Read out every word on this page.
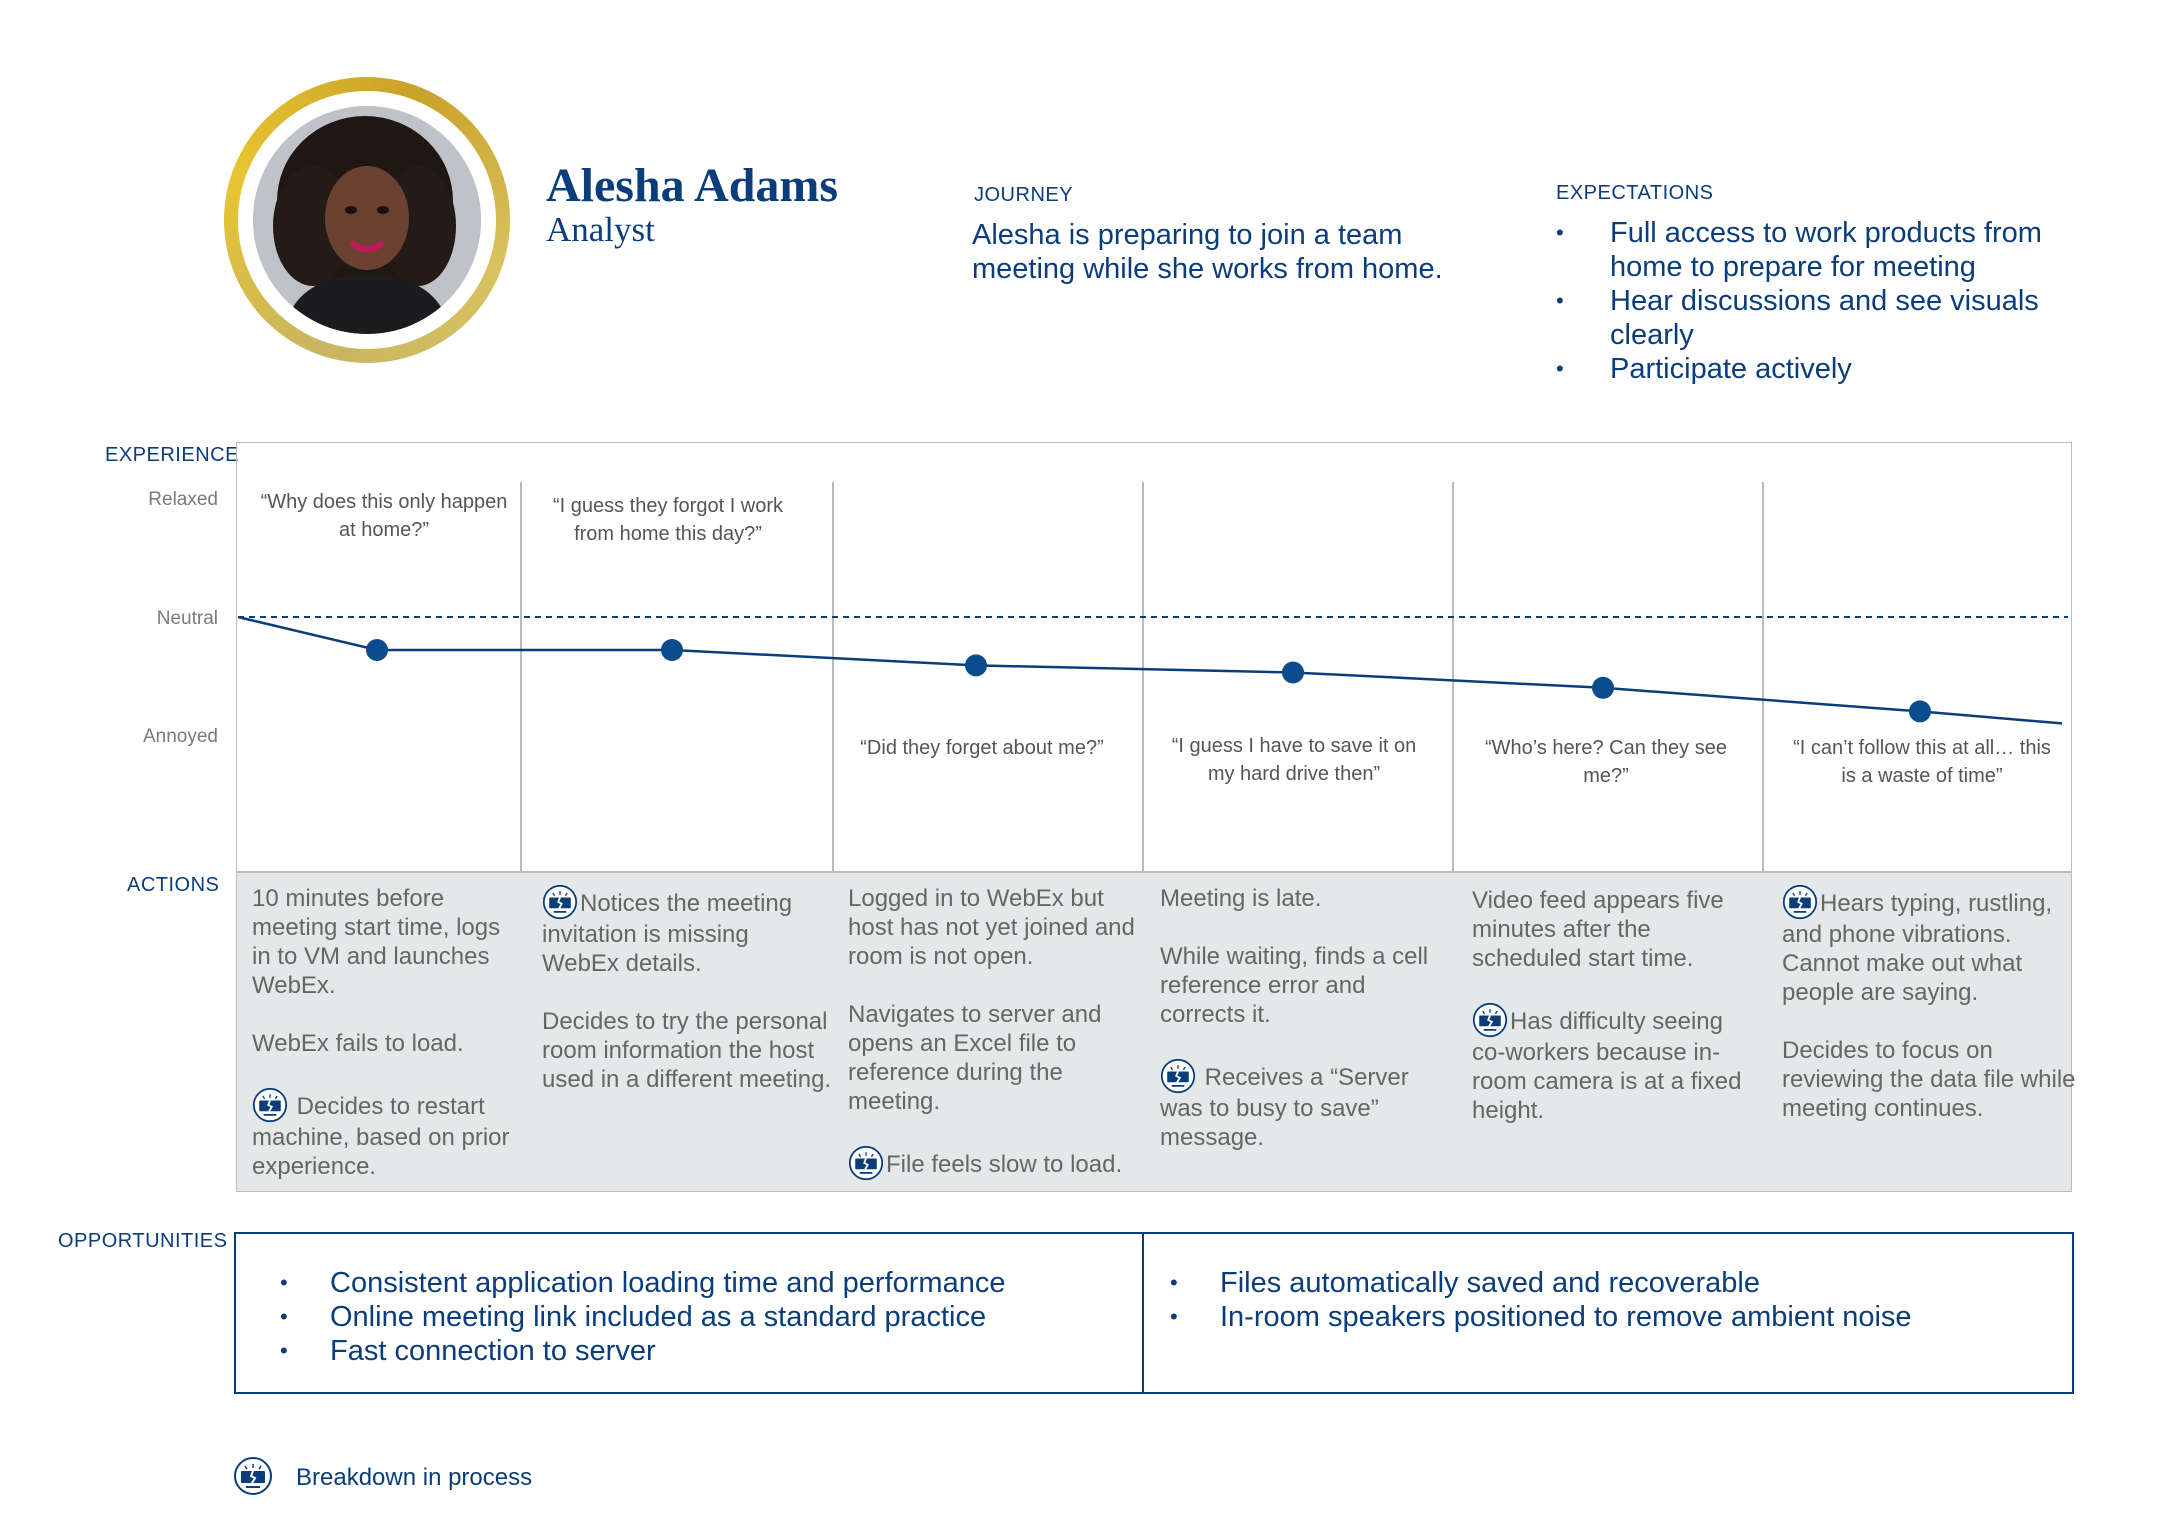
Alesha Adams
Analyst
JOURNEY
Alesha is preparing to join a team meeting while she works from home.
EXPECTATIONS
• Full access to work products from home to prepare for meeting
• Hear discussions and see visuals clearly
• Participate actively
EXPERIENCE
Relaxed
Neutral
Annoyed
“Why does this only happen at home?”
“I guess they forgot I work from home this day?”
“Did they forget about me?”	“I guess I have to save it on my hard drive then”
“Who’s here? Can they see me?”
“I can’t follow this at all… this is a waste of time”
ACTIONS 10 minutes before meeting start time, logs in to VM and launches WebEx.

WebEx fails to load.

Decides to restart machine, based on prior experience.

Notices the meeting invitation is missing WebEx details.

Decides to try the personal room information the host used in a different meeting.

Logged in to WebEx but host has not yet joined and room is not open.

Navigates to server and opens an Excel file to reference during the meeting.

File feels slow to load.

Meeting is late.

While waiting, finds a cell reference error and corrects it.

Receives a “Server was to busy to save” message.

Video feed appears five minutes after the scheduled start time.

Has difficulty seeing co-workers because in-room camera is at a fixed height.

Hears typing, rustling, and phone vibrations. Cannot make out what people are saying.

Decides to focus on reviewing the data file while meeting continues.

OPPORTUNITIES
• Consistent application loading time and performance
• Online meeting link included as a standard practice
• Fast connection to server
• Files automatically saved and recoverable
• In-room speakers positioned to remove ambient noise
Breakdown in process
